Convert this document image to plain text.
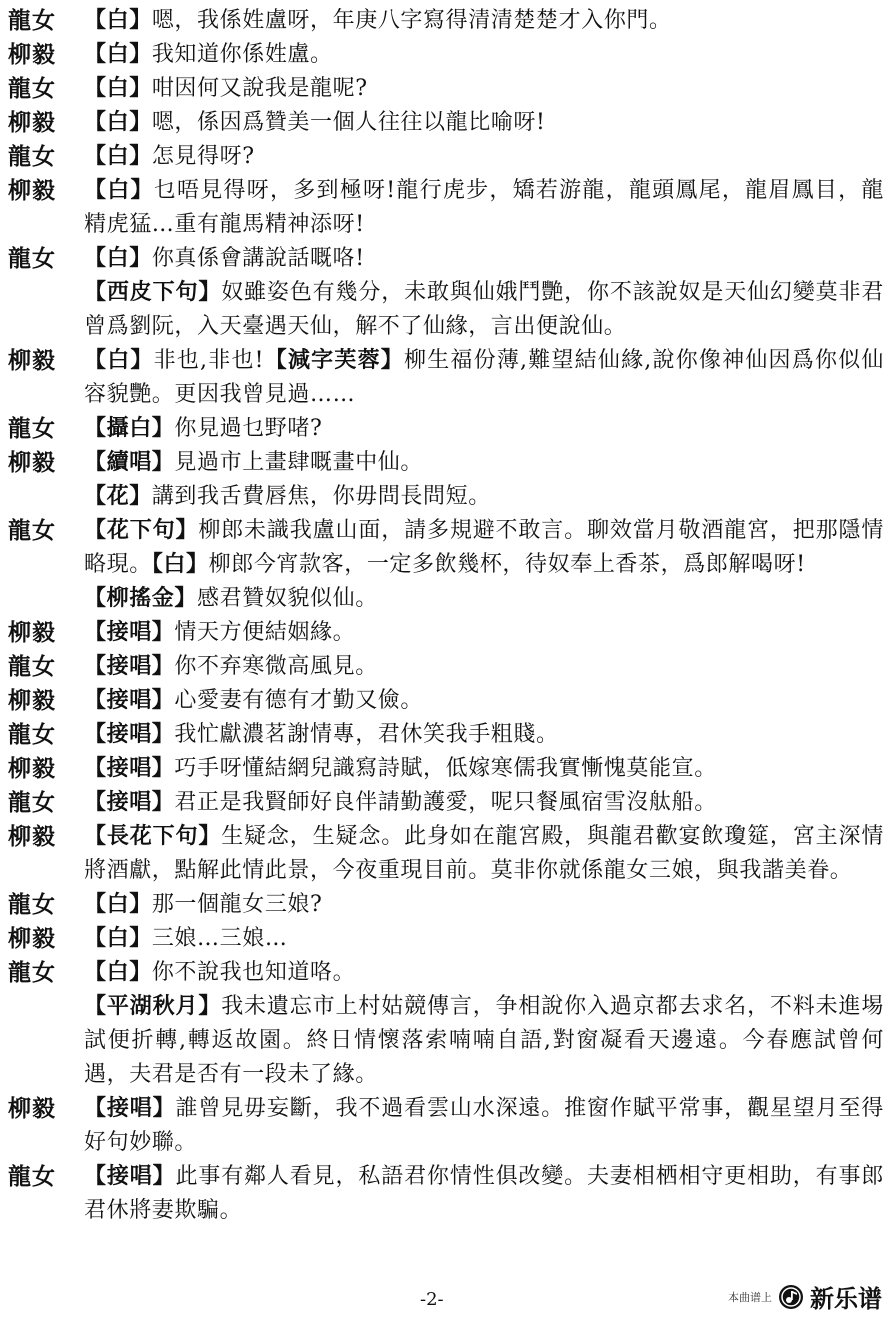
龍女	【白】嗯，我係姓盧呀，年庚八字寫得清清楚楚才入你門。
柳毅	【白】我知道你係姓盧。
龍女	【白】咁因何又說我是龍呢?
柳毅	【白】嗯，係因爲贊美一個人往往以龍比喻呀!
龍女	【白】怎見得呀?
柳毅	【白】乜唔見得呀，多到極呀!龍行虎步，矯若游龍，龍頭鳳尾，龍眉鳳目，龍精虎猛…重有龍馬精神添呀!
龍女	【白】你真係會講說話嘅咯!
【西皮下句】奴雖姿色有幾分，未敢與仙娥鬥艷，你不該說奴是天仙幻變莫非君曾爲劉阮，入天臺遇天仙，解不了仙緣，言出便說仙。
柳毅	【白】非也,非也!【減字芙蓉】柳生福份薄,難望結仙緣,說你像神仙因爲你似仙容貌艷。更因我曾見過……
龍女	【攝白】你見過乜野啫?
柳毅	【續唱】見過市上畫肆嘅畫中仙。
【花】講到我舌費唇焦，你毋問長問短。
龍女	【花下句】柳郎未識我盧山面，請多規避不敢言。聊效當月敬酒龍宮，把那隱情略現。【白】柳郎今宵款客，一定多飲幾杯，待奴奉上香茶，爲郎解喝呀!
【柳搖金】感君贊奴貌似仙。
柳毅	【接唱】情天方便結姻緣。
龍女	【接唱】你不弃寒微高風見。
柳毅	【接唱】心愛妻有德有才勤又儉。
龍女	【接唱】我忙獻濃茗謝情專，君休笑我手粗賤。
柳毅	【接唱】巧手呀懂結網兒識寫詩賦，低嫁寒儒我實慚愧莫能宣。
龍女	【接唱】君正是我賢師好良伴請勤護愛，呢只餐風宿雪沒舦船。
柳毅	【長花下句】生疑念，生疑念。此身如在龍宮殿，與龍君歡宴飲瓊筵，宮主深情將酒獻，點解此情此景，今夜重現目前。莫非你就係龍女三娘，與我諧美眷。
龍女	【白】那一個龍女三娘?
柳毅	【白】三娘…三娘…
龍女	【白】你不說我也知道咯。
【平湖秋月】我未遺忘市上村姑競傳言，争相說你入過京都去求名，不料未進埸試便折轉,轉返故園。終日情懷落索喃喃自語,對窗凝看天邊遠。今春應試曾何遇，夫君是否有一段未了緣。
柳毅	【接唱】誰曾見毋妄斷，我不過看雲山水深遠。推窗作賦平常事，觀星望月至得好句妙聯。
龍女	【接唱】此事有鄰人看見，私語君你情性俱改變。夫妻相栖相守更相助，有事郎君休將妻欺騙。
-2-	本曲谱上 新乐谱
